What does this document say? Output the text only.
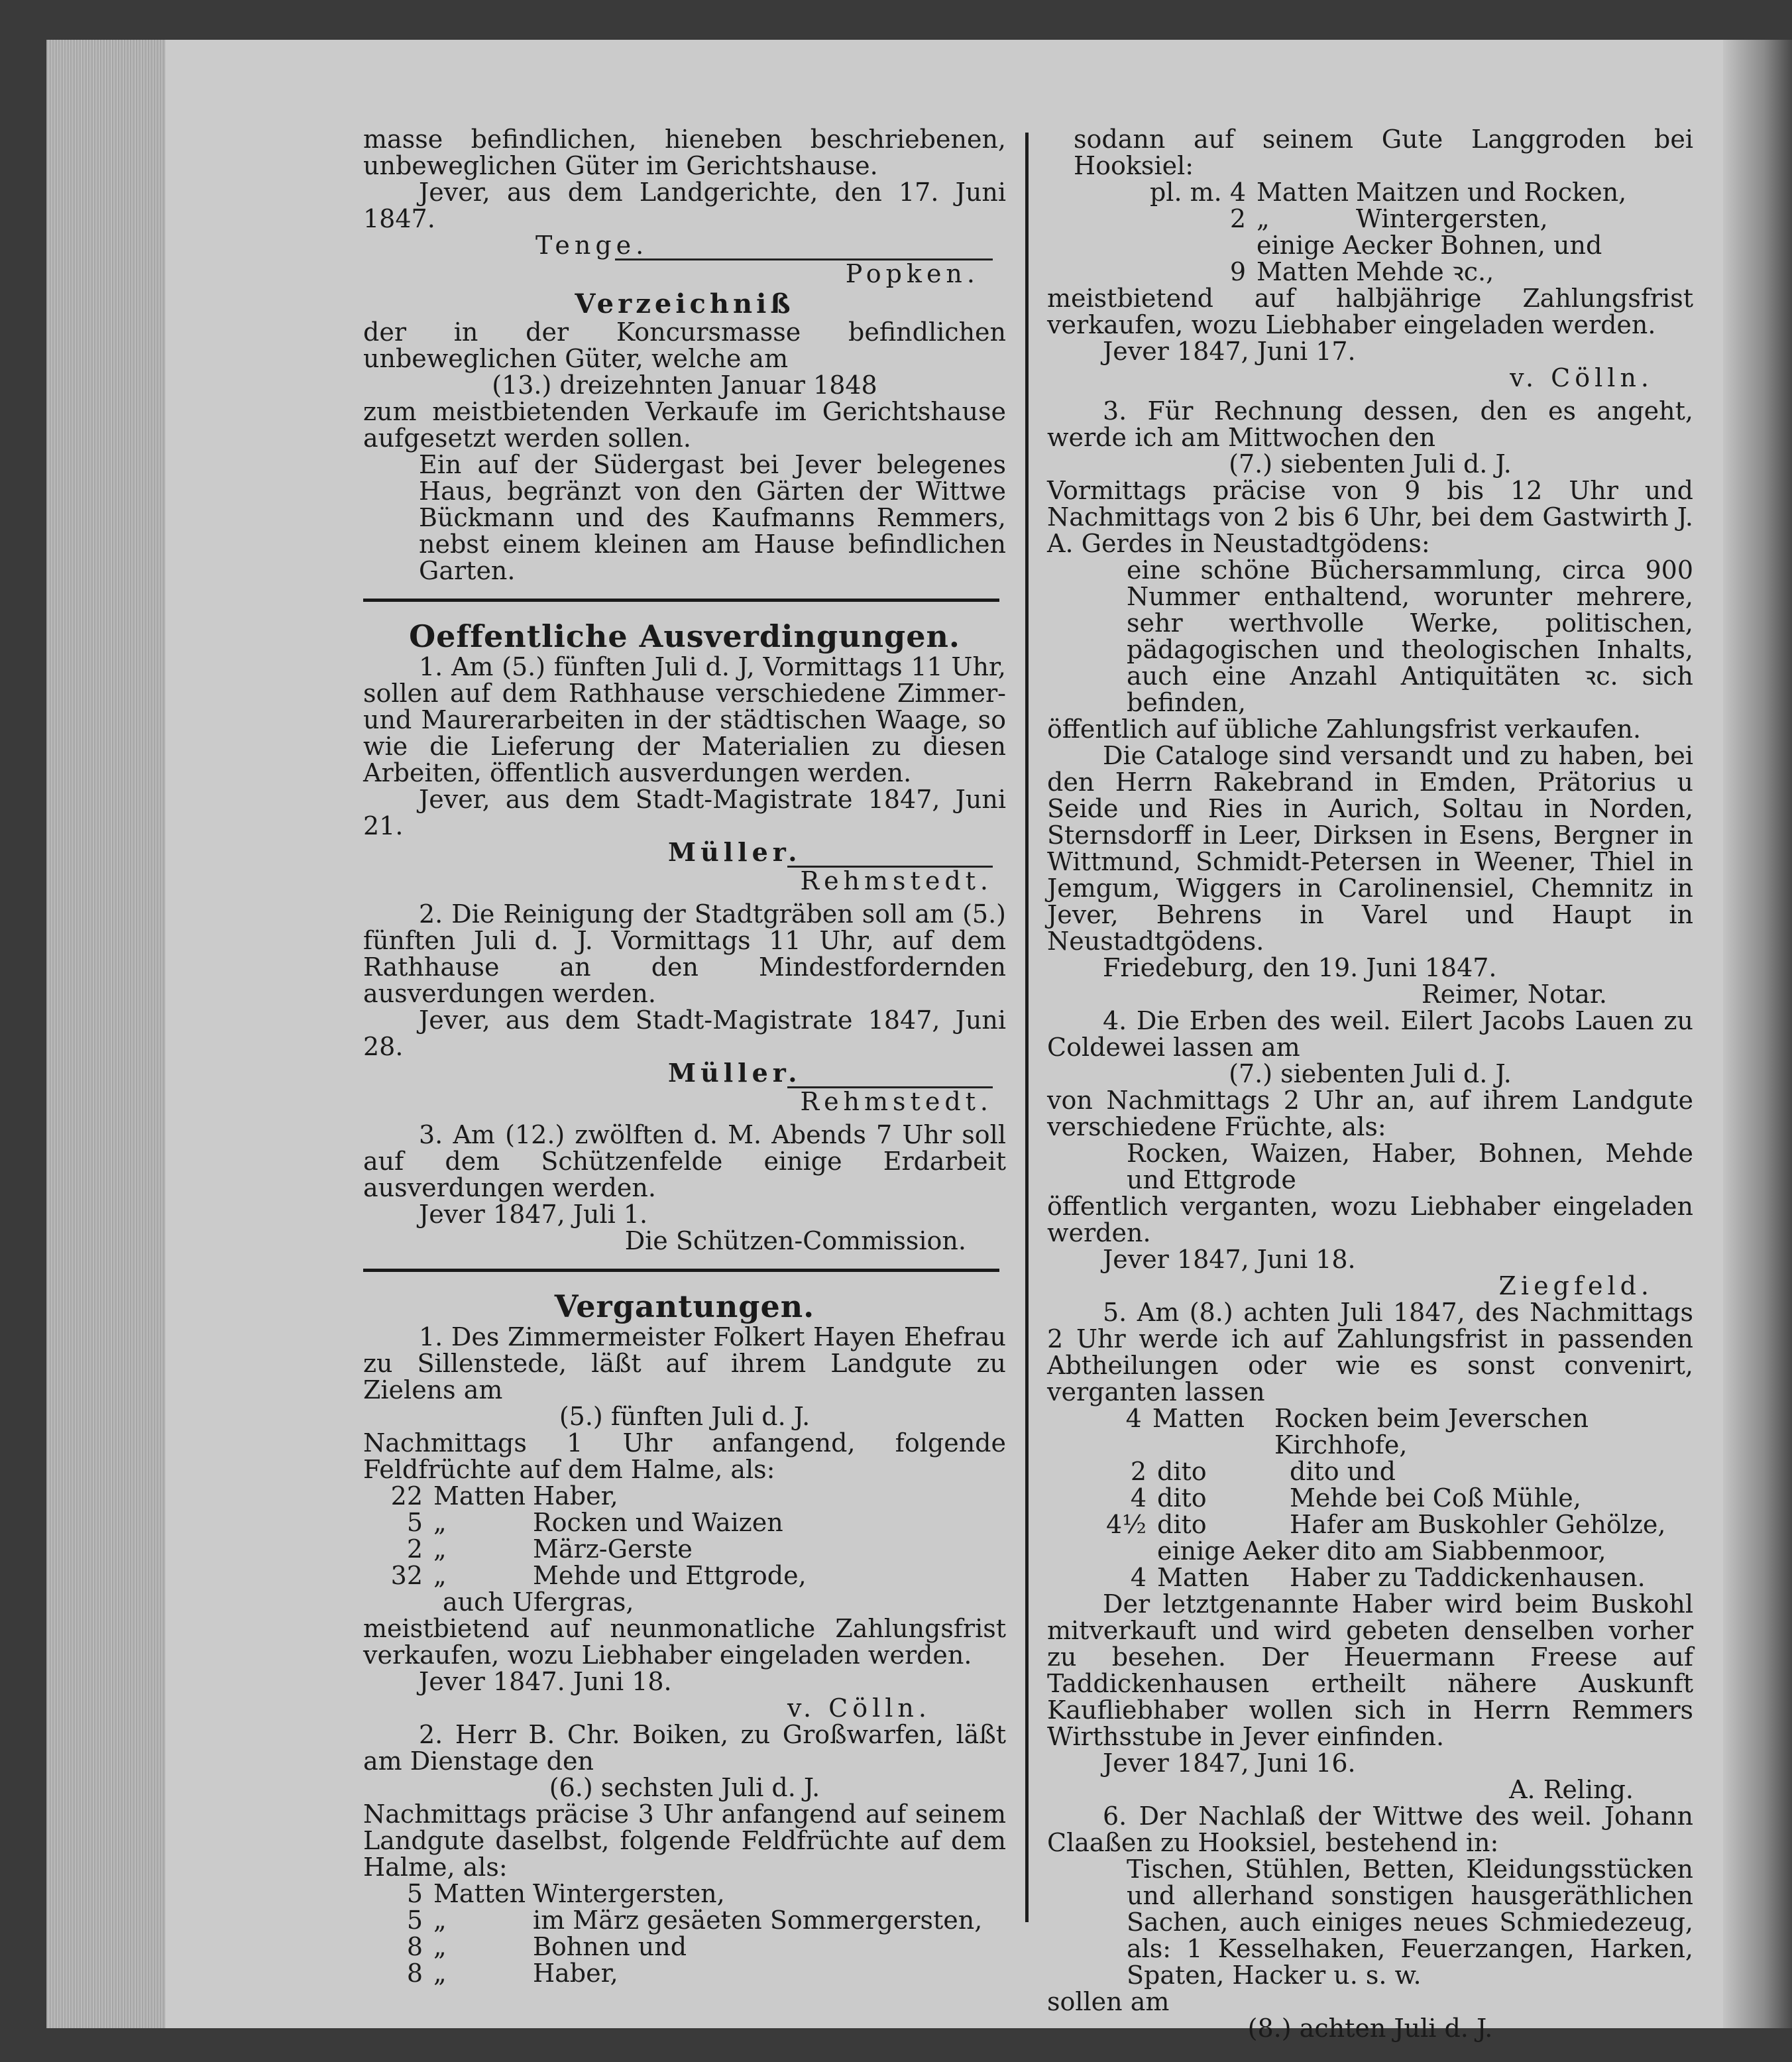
masse befindlichen, hieneben beschriebenen, unbeweglichen Güter im Gerichtshause.

Jever, aus dem Landgerichte, den 17. Juni 1847.

Tenge.

Popken.

Verzeichniß

der in der Koncursmasse befindlichen unbeweglichen Güter, welche am

(13.) dreizehnten Januar 1848

zum meistbietenden Verkaufe im Gerichtshause aufgesetzt werden sollen.

Ein auf der Südergast bei Jever belegenes Haus, begränzt von den Gärten der Wittwe Bückmann und des Kaufmanns Remmers, nebst einem kleinen am Hause befindlichen Garten.

Oeffentliche Ausverdingungen.

1. Am (5.) fünften Juli d. J, Vormittags 11 Uhr, sollen auf dem Rathhause verschiedene Zimmer- und Maurerarbeiten in der städtischen Waage, so wie die Lieferung der Materialien zu diesen Arbeiten, öffentlich ausverdungen werden.

Jever, aus dem Stadt-Magistrate 1847, Juni 21.

Müller.

Rehmstedt.

2. Die Reinigung der Stadtgräben soll am (5.) fünften Juli d. J. Vormittags 11 Uhr, auf dem Rathhause an den Mindestfordernden ausverdungen werden.

Jever, aus dem Stadt-Magistrate 1847, Juni 28.

Müller.

Rehmstedt.

3. Am (12.) zwölften d. M. Abends 7 Uhr soll auf dem Schützenfelde einige Erdarbeit ausverdungen werden.

Jever 1847, Juli 1.

Die Schützen-Commission.

Vergantungen.

1. Des Zimmermeister Folkert Hayen Ehefrau zu Sillenstede, läßt auf ihrem Landgute zu Zielens am

(5.) fünften Juli d. J.

Nachmittags 1 Uhr anfangend, folgende Feldfrüchte auf dem Halme, als:

22 Matten Haber,
5 „	Rocken und Waizen
2 „	März-Gerste
32 „	Mehde und Ettgrode,

auch Ufergras,

meistbietend auf neunmonatliche Zahlungsfrist verkaufen, wozu Liebhaber eingeladen werden.

Jever 1847. Juni 18.

v. Cölln.

2. Herr B. Chr. Boiken, zu Großwarfen, läßt am Dienstage den

(6.) sechsten Juli d. J.

Nachmittags präcise 3 Uhr anfangend auf seinem Landgute daselbst, folgende Feldfrüchte auf dem Halme, als:

5 Matten Wintergersten,
5 „	im März gesäeten Sommergersten,
8 „	Bohnen und
8 „	Haber,

sodann auf seinem Gute Langgroden bei Hooksiel:

pl. m. 4 Matten Maitzen und Rocken,
2 „	Wintergersten,
einige Aecker Bohnen, und
9 Matten Mehde ꝛc.,

meistbietend auf halbjährige Zahlungsfrist verkaufen, wozu Liebhaber eingeladen werden.

Jever 1847, Juni 17.

v. Cölln.

3. Für Rechnung dessen, den es angeht, werde ich am Mittwochen den

(7.) siebenten Juli d. J.

Vormittags präcise von 9 bis 12 Uhr und Nachmittags von 2 bis 6 Uhr, bei dem Gastwirth J. A. Gerdes in Neustadtgödens:

eine schöne Büchersammlung, circa 900 Nummer enthaltend, worunter mehrere, sehr werthvolle Werke, politischen, pädagogischen und theologischen Inhalts, auch eine Anzahl Antiquitäten ꝛc. sich befinden,

öffentlich auf übliche Zahlungsfrist verkaufen.

Die Cataloge sind versandt und zu haben, bei den Herrn Rakebrand in Emden, Prätorius u Seide und Ries in Aurich, Soltau in Norden, Sternsdorff in Leer, Dirksen in Esens, Bergner in Wittmund, Schmidt-Petersen in Weener, Thiel in Jemgum, Wiggers in Carolinensiel, Chemnitz in Jever, Behrens in Varel und Haupt in Neustadtgödens.

Friedeburg, den 19. Juni 1847.

Reimer, Notar.

4. Die Erben des weil. Eilert Jacobs Lauen zu Coldewei lassen am

(7.) siebenten Juli d. J.

von Nachmittags 2 Uhr an, auf ihrem Landgute verschiedene Früchte, als:

Rocken, Waizen, Haber, Bohnen, Mehde und Ettgrode

öffentlich verganten, wozu Liebhaber eingeladen werden.

Jever 1847, Juni 18.

Ziegfeld.

5. Am (8.) achten Juli 1847, des Nachmittags 2 Uhr werde ich auf Zahlungsfrist in passenden Abtheilungen oder wie es sonst convenirt, verganten lassen

4 Matten	Rocken beim Jeverschen Kirchhofe,
2 dito	dito und
4 dito	Mehde bei Coß Mühle,
4½ dito	Hafer am Buskohler Gehölze,
einige Aeker dito am Siabbenmoor,
4 Matten	Haber zu Taddickenhausen.

Der letztgenannte Haber wird beim Buskohl mitverkauft und wird gebeten denselben vorher zu besehen. Der Heuermann Freese auf Taddickenhausen ertheilt nähere Auskunft Kaufliebhaber wollen sich in Herrn Remmers Wirthsstube in Jever einfinden.

Jever 1847, Juni 16.

A. Reling.

6. Der Nachlaß der Wittwe des weil. Johann Claaßen zu Hooksiel, bestehend in:

Tischen, Stühlen, Betten, Kleidungsstücken und allerhand sonstigen hausgeräthlichen Sachen, auch einiges neues Schmiedezeug, als: 1 Kesselhaken, Feuerzangen, Harken, Spaten, Hacker u. s. w.

sollen am

(8.) achten Juli d. J.
